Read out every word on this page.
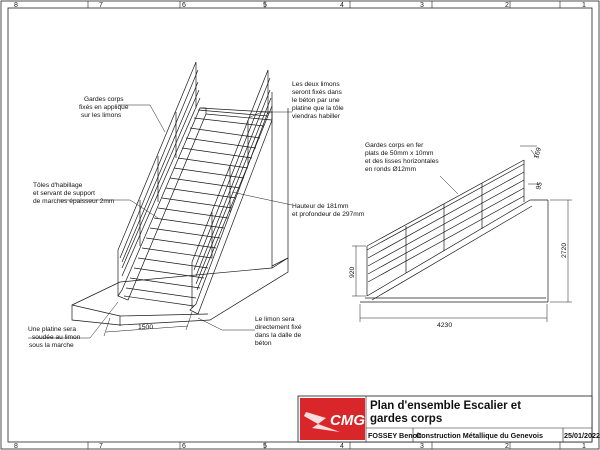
8	7	6	5	4	3	2	1
8	7	6	5	4	3	2	1
1500
Gardes corps
fixés en applique
sur les limons
Tôles d'habillage
et servant de support
de marches épaisseur 2mm
Une platine sera
soudée au limon
sous la marche
Les deux limons
seront fixés dans
le béton par une
platine que la tôle
viendras habiller
Hauteur de 181mm
et profondeur de 297mm
Le limon sera
directement fixé
dans la dalle de
béton
4230
2720
920
169
95
Gardes corps en fer
plats de 50mm x 10mm
et des lisses horizontales
en ronds Ø12mm
CMG
Plan d'ensemble Escalier et
gardes corps
FOSSEY Benoit
Construction Métallique du Genevois	25/01/2022
